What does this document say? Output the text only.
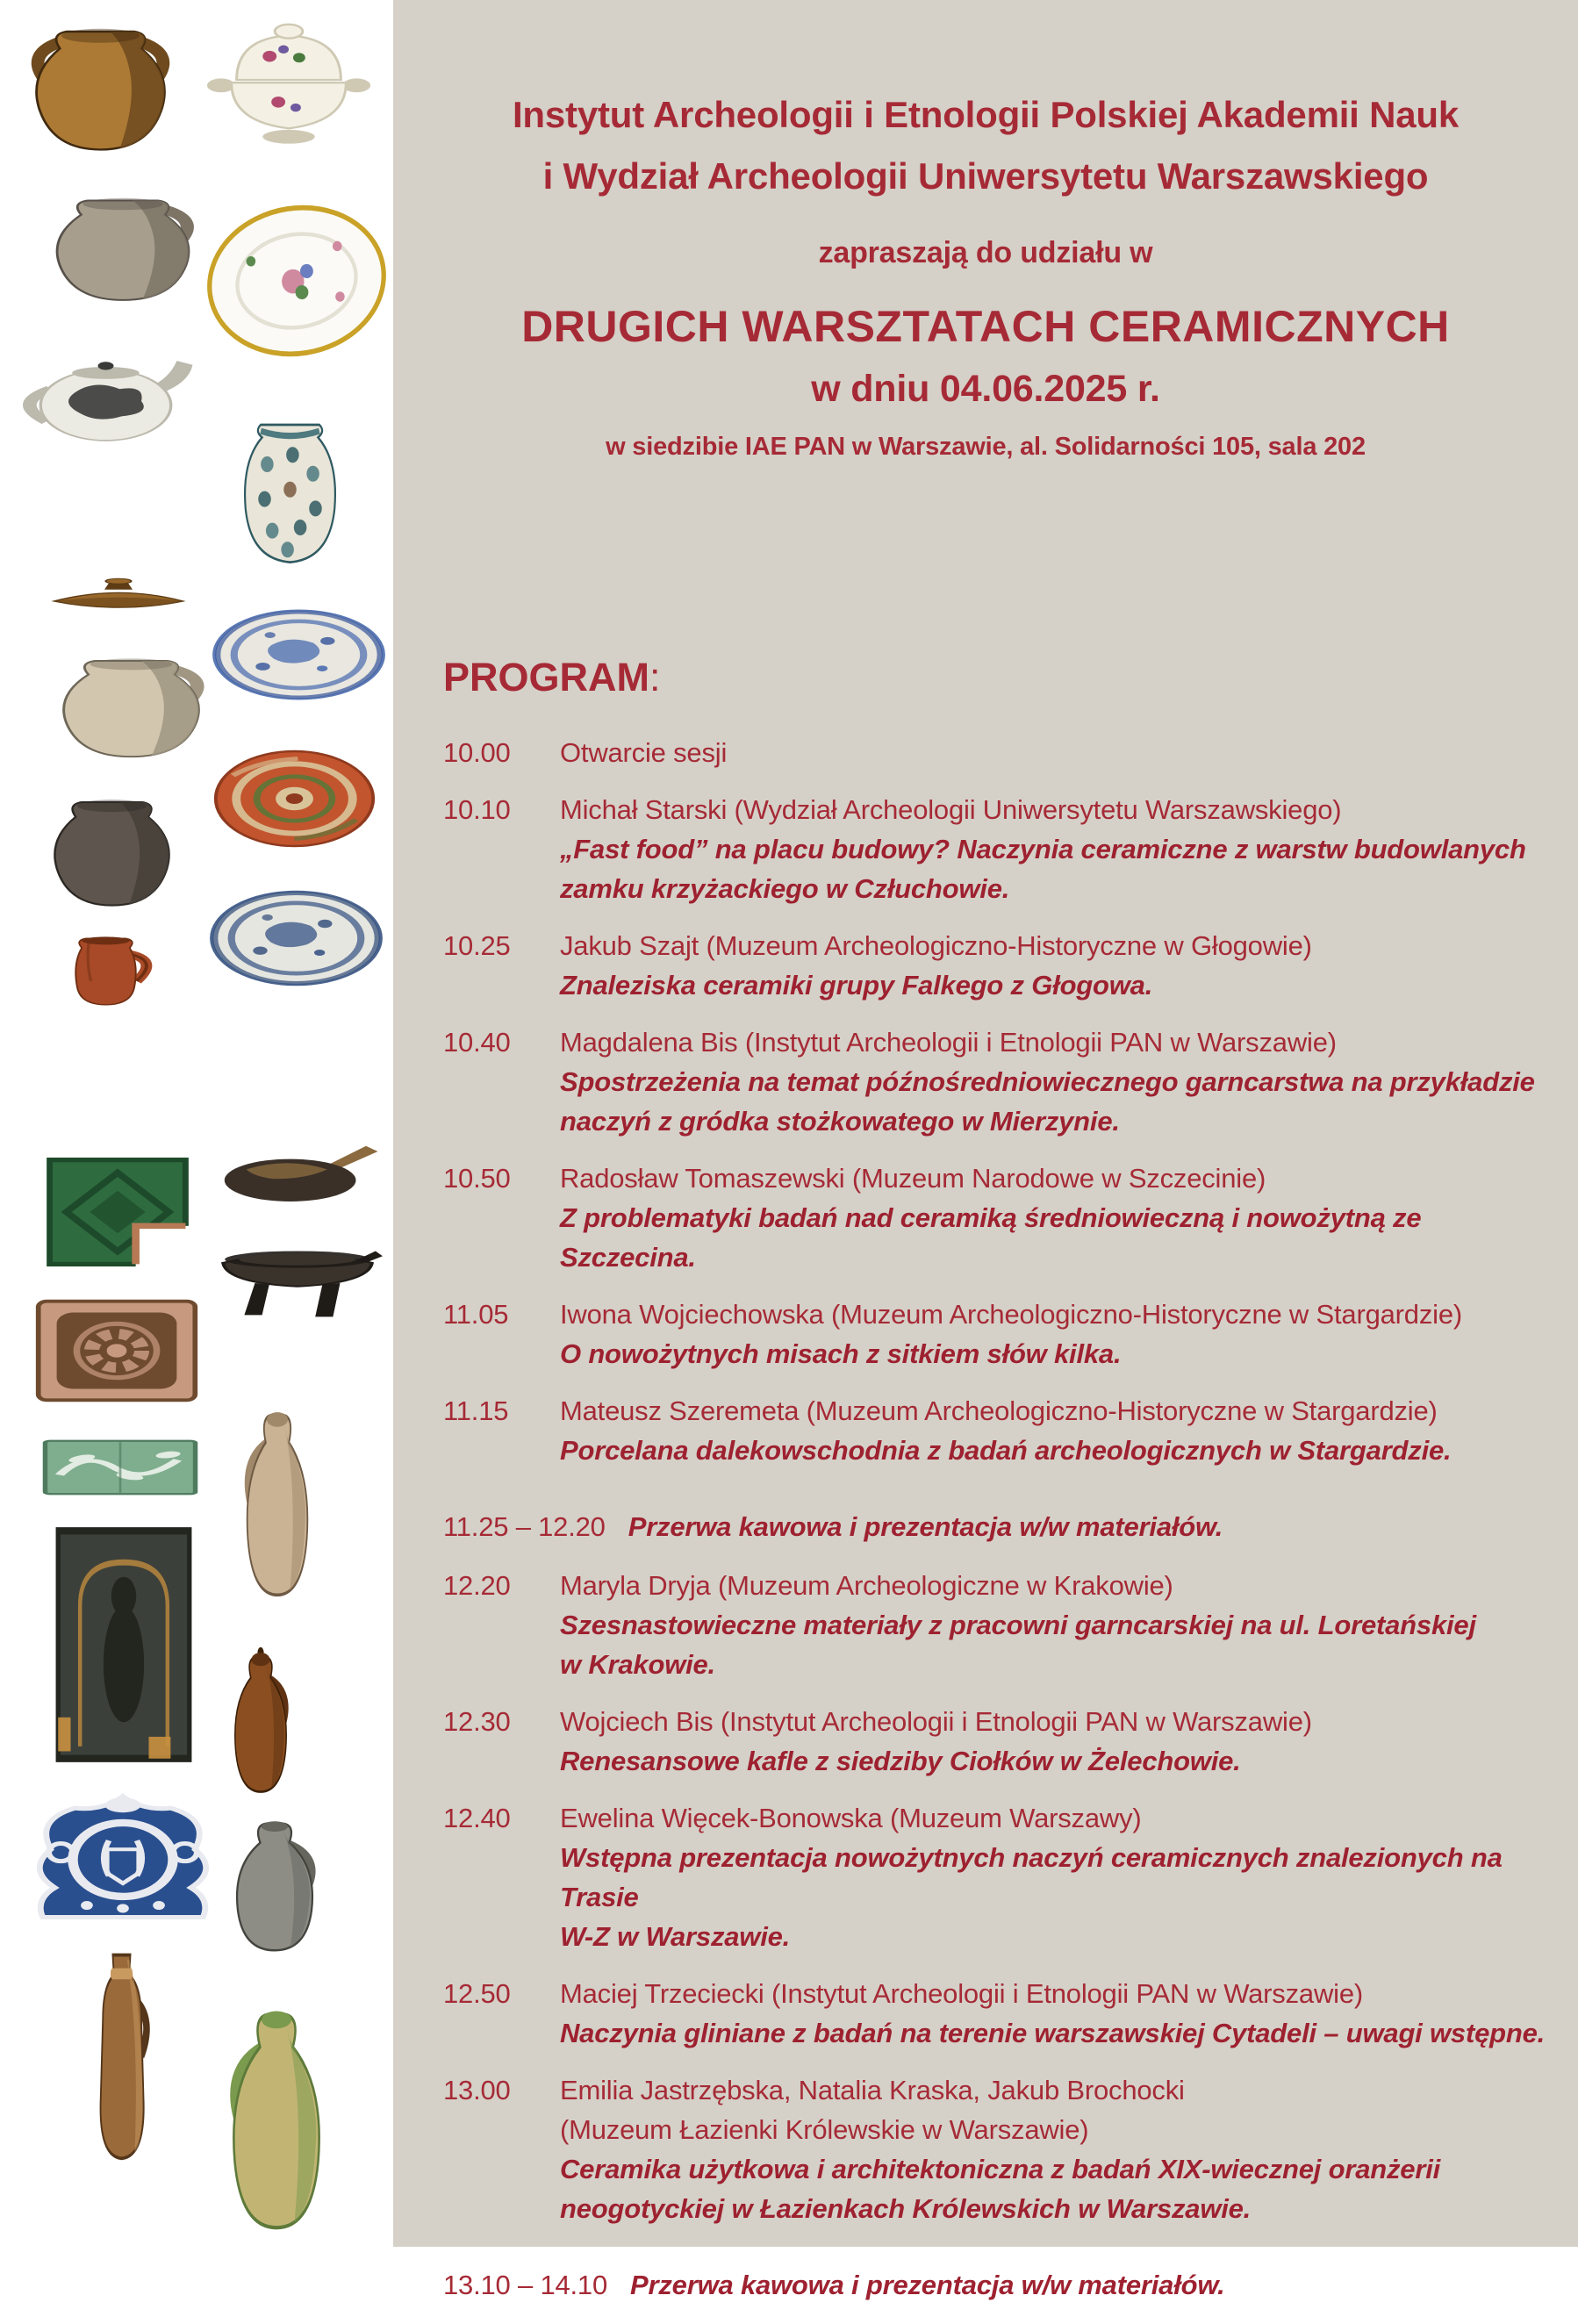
Instytut Archeologii i Etnologii Polskiej Akademii Nauk
i Wydział Archeologii Uniwersytetu Warszawskiego
zapraszają do udziału w
DRUGICH WARSZTATACH CERAMICZNYCH
w dniu 04.06.2025 r.
w siedzibie IAE PAN w Warszawie, al. Solidarności 105, sala 202
PROGRAM:
10.00	Otwarcie sesji
10.10	Michał Starski (Wydział Archeologii Uniwersytetu Warszawskiego)
„Fast food” na placu budowy? Naczynia ceramiczne z warstw budowlanych
zamku krzyżackiego w Człuchowie.
10.25	Jakub Szajt (Muzeum Archeologiczno-Historyczne w Głogowie)
Znaleziska ceramiki grupy Falkego z Głogowa.
10.40	Magdalena Bis (Instytut Archeologii i Etnologii PAN w Warszawie)
Spostrzeżenia na temat późnośredniowiecznego garncarstwa na przykładzie
naczyń z gródka stożkowatego w Mierzynie.
10.50	Radosław Tomaszewski (Muzeum Narodowe w Szczecinie)
Z problematyki badań nad ceramiką średniowieczną i nowożytną ze Szczecina.
11.05	Iwona Wojciechowska (Muzeum Archeologiczno-Historyczne w Stargardzie)
O nowożytnych misach z sitkiem słów kilka.
11.15	Mateusz Szeremeta (Muzeum Archeologiczno-Historyczne w Stargardzie)
Porcelana dalekowschodnia z badań archeologicznych w Stargardzie.
11.25 – 12.20 Przerwa kawowa i prezentacja w/w materiałów.
12.20	Maryla Dryja (Muzeum Archeologiczne w Krakowie)
Szesnastowieczne materiały z pracowni garncarskiej na ul. Loretańskiej
w Krakowie.
12.30	Wojciech Bis (Instytut Archeologii i Etnologii PAN w Warszawie)
Renesansowe kafle z siedziby Ciołków w Żelechowie.
12.40	Ewelina Więcek-Bonowska (Muzeum Warszawy)
Wstępna prezentacja nowożytnych naczyń ceramicznych znalezionych na Trasie
W-Z w Warszawie.
12.50	Maciej Trzeciecki (Instytut Archeologii i Etnologii PAN w Warszawie)
Naczynia gliniane z badań na terenie warszawskiej Cytadeli – uwagi wstępne.
13.00	Emilia Jastrzębska, Natalia Kraska, Jakub Brochocki
(Muzeum Łazienki Królewskie w Warszawie)
Ceramika użytkowa i architektoniczna z badań XIX-wiecznej oranżerii
neogotyckiej w Łazienkach Królewskich w Warszawie.
13.10 – 14.10 Przerwa kawowa i prezentacja w/w materiałów.
